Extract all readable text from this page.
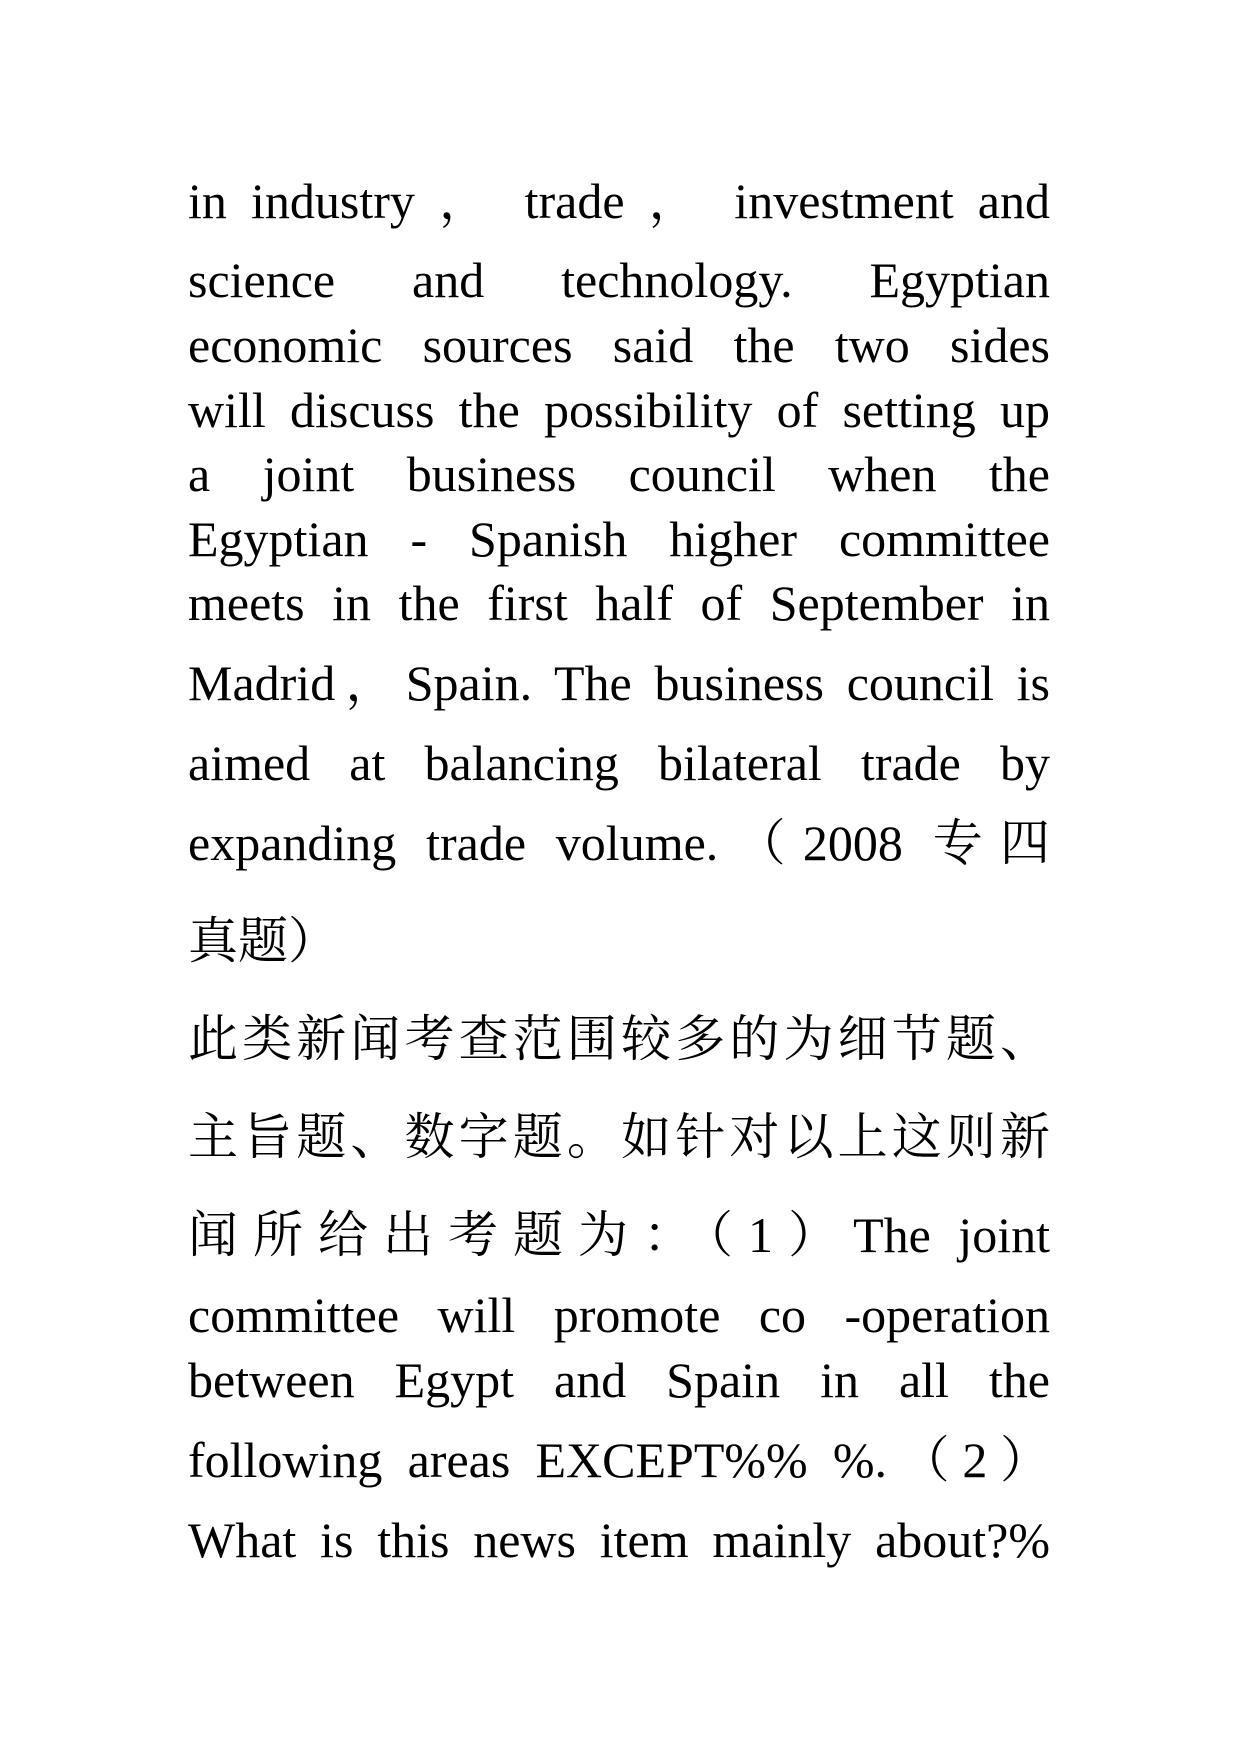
in industry ， trade ， investment and
science and technology. Egyptian
economic sources said the two sides
will discuss the possibility of setting up
a joint business council when the
Egyptian - Spanish higher committee
meets in the first half of September in
Madrid，Spain. The business council is
aimed at balancing bilateral trade by
expanding trade volume.（2008 专四
真题）
此类新闻考查范围较多的为细节题、
主旨题、数字题。如针对以上这则新
闻所给出考题为：（1）The joint
committee will promote co -operation
between Egypt and Spain in all the
following areas EXCEPT%% %.（2）
What is this news item mainly about?%
